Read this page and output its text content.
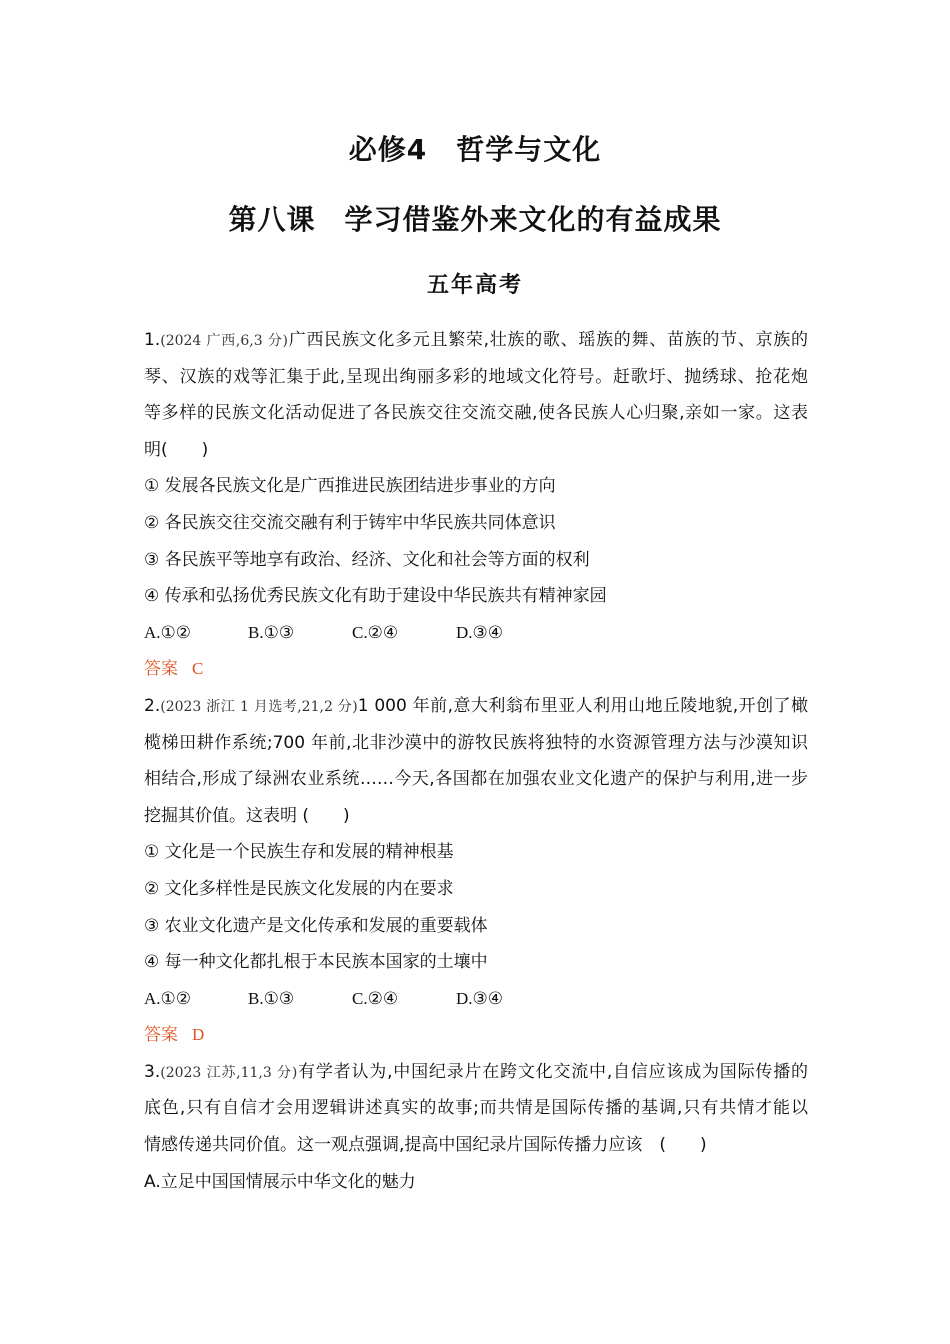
必修4　哲学与文化
第八课　学习借鉴外来文化的有益成果
五年高考
1.(2024 广西,6,3 分)广西民族文化多元且繁荣,壮族的歌、瑶族的舞、苗族的节、京族的
琴、汉族的戏等汇集于此,呈现出绚丽多彩的地域文化符号。赶歌圩、抛绣球、抢花炮
等多样的民族文化活动促进了各民族交往交流交融,使各民族人心归聚,亲如一家。这表
明(　　)
① 发展各民族文化是广西推进民族团结进步事业的方向
② 各民族交往交流交融有利于铸牢中华民族共同体意识
③ 各民族平等地享有政治、经济、文化和社会等方面的权利
④ 传承和弘扬优秀民族文化有助于建设中华民族共有精神家园
A.①②	B.①③	C.②④	D.③④
答案 C
2.(2023 浙江 1 月选考,21,2 分)1 000 年前,意大利翁布里亚人利用山地丘陵地貌,开创了橄
榄梯田耕作系统;700 年前,北非沙漠中的游牧民族将独特的水资源管理方法与沙漠知识
相结合,形成了绿洲农业系统……今天,各国都在加强农业文化遗产的保护与利用,进一步
挖掘其价值。这表明 (　　)
① 文化是一个民族生存和发展的精神根基
② 文化多样性是民族文化发展的内在要求
③ 农业文化遗产是文化传承和发展的重要载体
④ 每一种文化都扎根于本民族本国家的土壤中
A.①②	B.①③	C.②④	D.③④
答案 D
3.(2023 江苏,11,3 分)有学者认为,中国纪录片在跨文化交流中,自信应该成为国际传播的
底色,只有自信才会用逻辑讲述真实的故事;而共情是国际传播的基调,只有共情才能以
情感传递共同价值。这一观点强调,提高中国纪录片国际传播力应该　(　　)
A.立足中国国情展示中华文化的魅力
